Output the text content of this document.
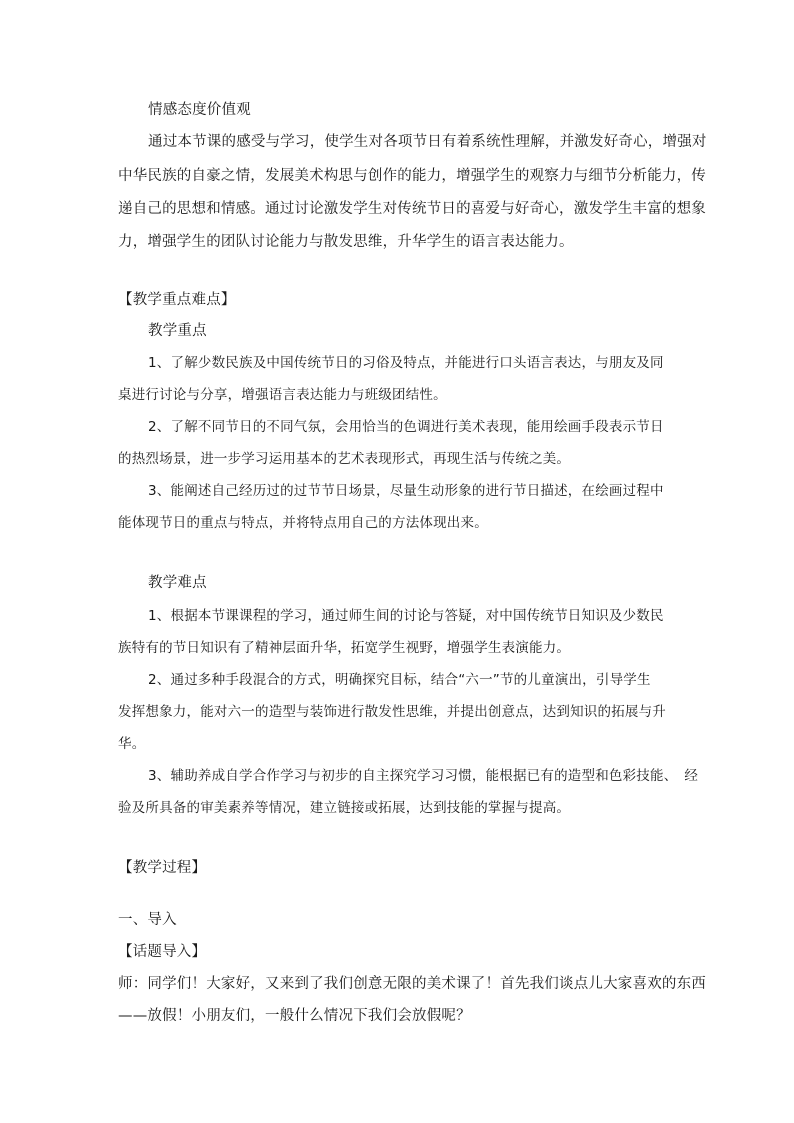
情感态度价值观
通过本节课的感受与学习，使学生对各项节日有着系统性理解，并激发好奇心，增强对
中华民族的自豪之情，发展美术构思与创作的能力，增强学生的观察力与细节分析能力，传
递自己的思想和情感。通过讨论激发学生对传统节日的喜爱与好奇心，激发学生丰富的想象
力，增强学生的团队讨论能力与散发思维，升华学生的语言表达能力。
【教学重点难点】
教学重点
1、了解少数民族及中国传统节日的习俗及特点，并能进行口头语言表达，与朋友及同
桌进行讨论与分享，增强语言表达能力与班级团结性。
2、了解不同节日的不同气氛，会用恰当的色调进行美术表现，能用绘画手段表示节日
的热烈场景，进一步学习运用基本的艺术表现形式，再现生活与传统之美。
3、能阐述自己经历过的过节节日场景，尽量生动形象的进行节日描述，在绘画过程中
能体现节日的重点与特点，并将特点用自己的方法体现出来。
教学难点
1、根据本节课课程的学习，通过师生间的讨论与答疑，对中国传统节日知识及少数民
族特有的节日知识有了精神层面升华，拓宽学生视野，增强学生表演能力。
2、通过多种手段混合的方式，明确探究目标，结合“六一”节的儿童演出，引导学生
发挥想象力，能对六一的造型与装饰进行散发性思维，并提出创意点，达到知识的拓展与升
华。
3、辅助养成自学合作学习与初步的自主探究学习习惯，能根据已有的造型和色彩技能、　经
验及所具备的审美素养等情况，建立链接或拓展，达到技能的掌握与提高。
【教学过程】
一、导入
【话题导入】
师：同学们！大家好，又来到了我们创意无限的美术课了！首先我们谈点儿大家喜欢的东西
——放假！小朋友们，一般什么情况下我们会放假呢？
